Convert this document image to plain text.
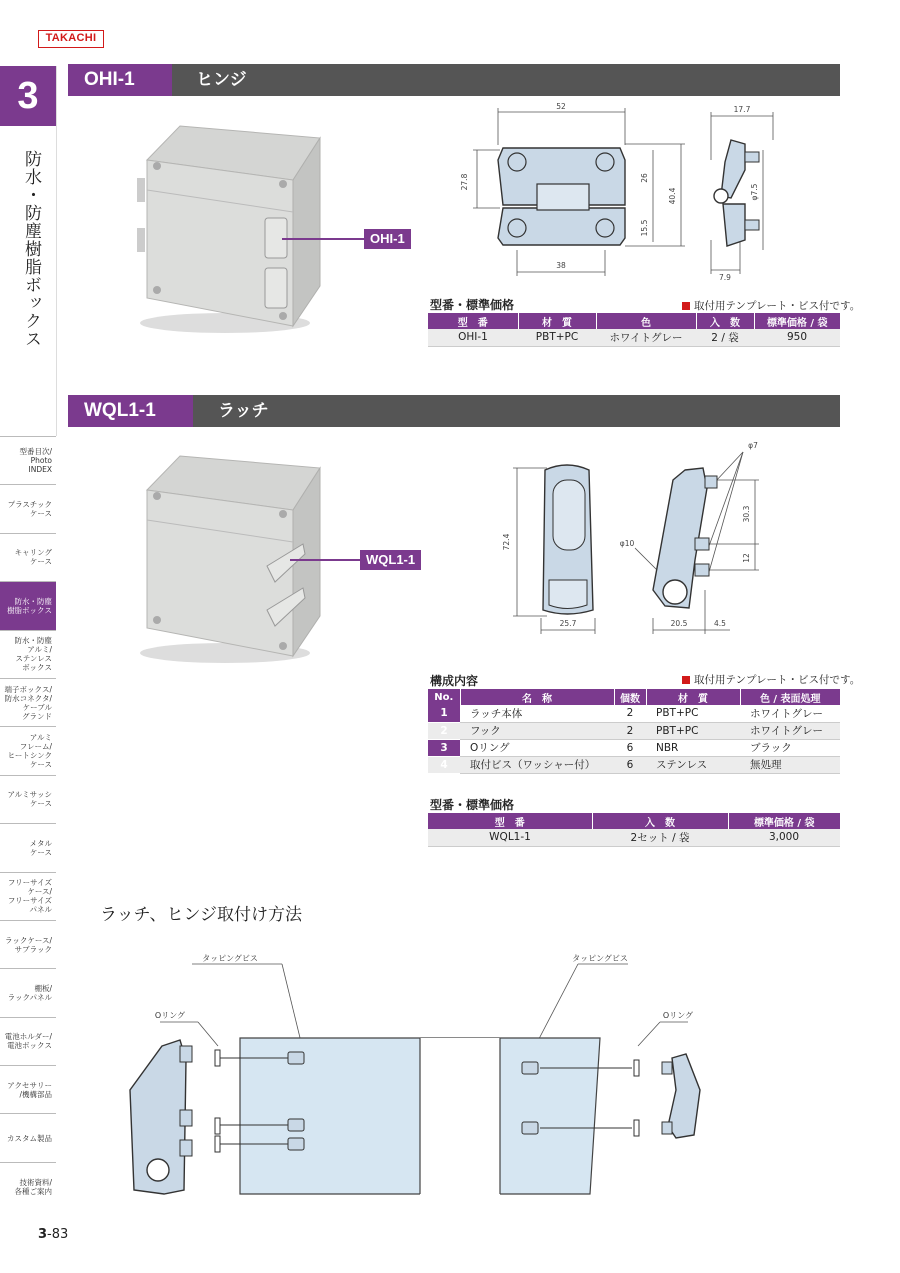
TAKACHI
3
防水・防塵樹脂ボックス
型番目次/
Photo
INDEX
プラスチック
ケース
キャリング
ケース
防水・防塵
樹脂ボックス
防水・防塵
アルミ/
ステンレス
ボックス
端子ボックス/
防水コネクタ/
ケーブル
グランド
アルミ
フレーム/
ヒートシンク
ケース
アルミサッシ
ケース
メタル
ケース
フリーサイズ
ケース/
フリーサイズ
パネル
ラックケース/
サブラック
棚板/
ラックパネル
電池ホルダー/
電池ボックス
アクセサリー
/機構部品
カスタム製品
技術資料/
各種ご案内
OHI-1	ヒンジ
OHI-1
52
38
27.8	26
15.5
40.4
17.7
7.9
φ7.5
型番・標準価格	取付用テンプレート・ビス付です。
型　番	材　質	色	入　数	標準価格 / 袋
OHI-1	PBT+PC	ホワイトグレー	2 / 袋	950
WQL1-1	ラッチ
WQL1-1
72.4
25.7
φ7
30.3
12
φ10
20.5	4.5
構成内容	取付用テンプレート・ビス付です。
No.	名　称	個数	材　質	色 / 表面処理
1	ラッチ本体	2	PBT+PC	ホワイトグレー
2	フック	2	PBT+PC	ホワイトグレー
3	Oリング	6	NBR	ブラック
4	取付ビス（ワッシャー付）	6	ステンレス	無処理
型番・標準価格
型　番	入　数	標準価格 / 袋
WQL1-1	2セット / 袋	3,000
ラッチ、ヒンジ取付け方法
タッピングビス
Oリング
タッピングビス
Oリング
3-83
